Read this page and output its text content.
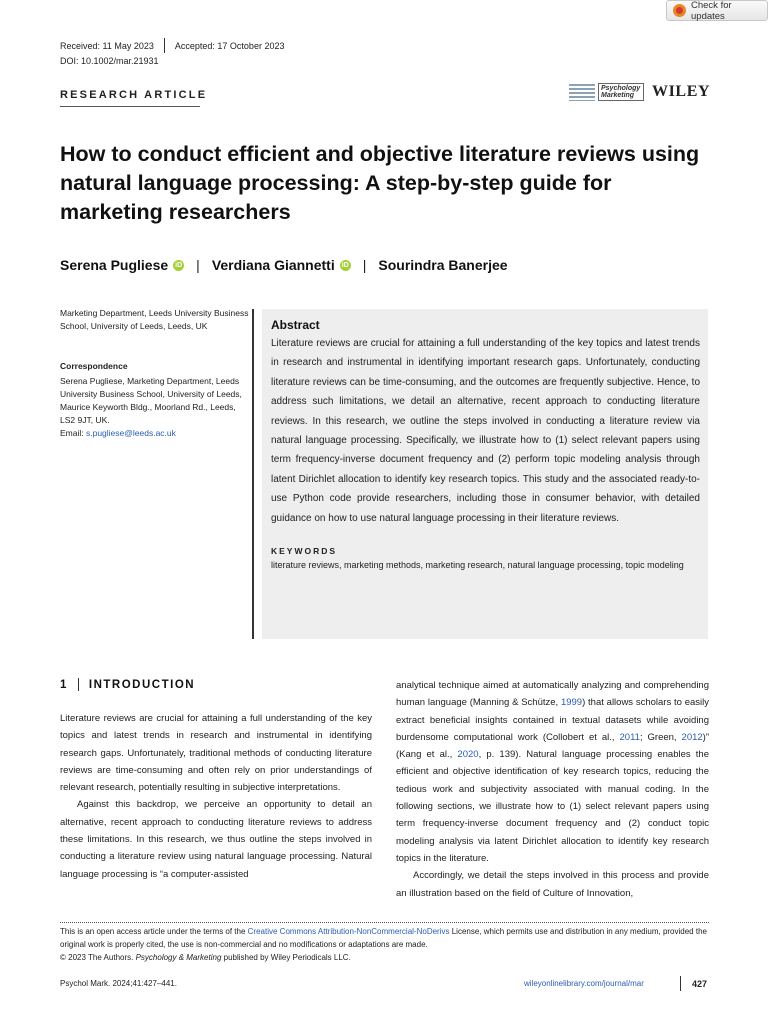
Check for updates
Received: 11 May 2023 Accepted: 17 October 2023
DOI: 10.1002/mar.21931
RESEARCH ARTICLE
Psychology Marketing	WILEY
How to conduct efficient and objective literature reviews using natural language processing: A step-by-step guide for marketing researchers
Serena Pugliese iD | Verdiana Giannetti iD | Sourindra Banerjee
Marketing Department, Leeds University Business School, University of Leeds, Leeds, UK
Correspondence
Serena Pugliese, Marketing Department, Leeds University Business School, University of Leeds, Maurice Keyworth Bldg., Moorland Rd., Leeds, LS2 9JT, UK.
Email: s.pugliese@leeds.ac.uk
Abstract

Literature reviews are crucial for attaining a full understanding of the key topics and latest trends in research and instrumental in identifying important research gaps. Unfortunately, conducting literature reviews can be time-consuming, and the outcomes are frequently subjective. Hence, to address such limitations, we detail an alternative, recent approach to conducting literature reviews. In this research, we outline the steps involved in conducting a literature review via natural language processing. Specifically, we illustrate how to (1) select relevant papers using term frequency-inverse document frequency and (2) perform topic modeling analysis through latent Dirichlet allocation to identify key research topics. This study and the associated ready-to-use Python code provide researchers, including those in consumer behavior, with detailed guidance on how to use natural language processing in their literature reviews.

KEYWORDS
literature reviews, marketing methods, marketing research, natural language processing, topic modeling
1 INTRODUCTION

Literature reviews are crucial for attaining a full understanding of the key topics and latest trends in research and instrumental in identifying research gaps. Unfortunately, traditional methods of conducting literature reviews are time-consuming and often rely on prior understandings of relevant research, potentially resulting in subjective interpretations.

Against this backdrop, we perceive an opportunity to detail an alternative, recent approach to conducting literature reviews to address these limitations. In this research, we thus outline the steps involved in conducting a literature review using natural language processing. Natural language processing is “a computer-assisted

analytical technique aimed at automatically analyzing and comprehending human language (Manning & Schütze, 1999) that allows scholars to easily extract beneficial insights contained in textual datasets while avoiding burdensome computational work (Collobert et al., 2011; Green, 2012)” (Kang et al., 2020, p. 139). Natural language processing enables the efficient and objective identification of key research topics, reducing the tedious work and subjectivity associated with manual coding. In the following sections, we illustrate how to (1) select relevant papers using term frequency-inverse document frequency and (2) conduct topic modeling analysis via latent Dirichlet allocation to identify key research topics in the literature.

Accordingly, we detail the steps involved in this process and provide an illustration based on the field of Culture of Innovation,

This is an open access article under the terms of the Creative Commons Attribution-NonCommercial-NoDerivs License, which permits use and distribution in any medium, provided the original work is properly cited, the use is non-commercial and no modifications or adaptations are made.
© 2023 The Authors. Psychology & Marketing published by Wiley Periodicals LLC.
Psychol Mark. 2024;41:427–441.	wileyonlinelibrary.com/journal/mar	427
